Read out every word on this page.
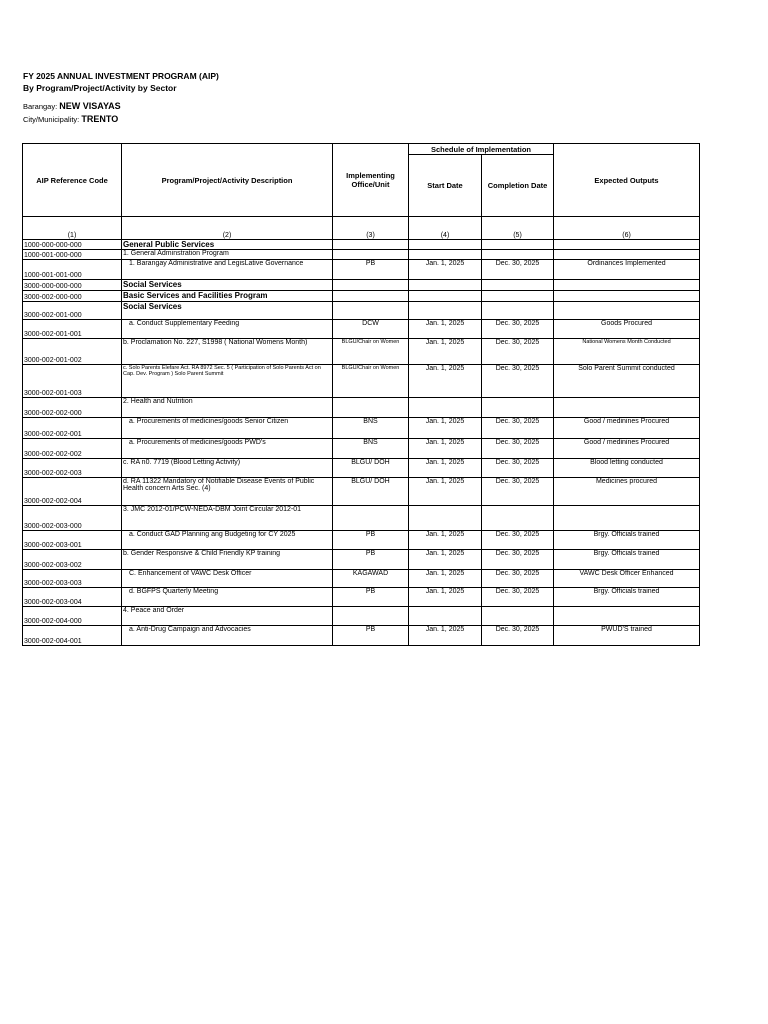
FY 2025 ANNUAL INVESTMENT PROGRAM (AIP)
By Program/Project/Activity by Sector
Barangay: NEW VISAYAS
City/Municipality: TRENTO
AIP Reference Code	Program/Project/Activity Description	Implementing Office/Unit	Schedule of Implementation		Expected Outputs
			Start Date	Completion Date	
(1)	(2)	(3)	(4)	(5)	(6)
1000-000-000-000	General Public Services				
1000-001-000-000	1. General Adminstration Program				
1000-001-001-000	1. Barangay Administrative and LegisLative Governance	PB	Jan. 1, 2025	Dec. 30, 2025	Ordinances Implemented
3000-000-000-000	Social Services				
3000-002-000-000	Basic Services and Facilities Program				
3000-002-001-000	Social Services				
3000-002-001-001	a. Conduct Supplementary Feeding	DCW	Jan. 1, 2025	Dec. 30, 2025	Goods Procured
3000-002-001-002	b. Proclamation No. 227, S1998 ( National Womens Month)	BLGU/Chair on Women	Jan. 1, 2025	Dec. 30, 2025	National Womens Month Conducted
3000-002-001-003	c. Solo Parents Elefare Act. RA 8972 Sec. 5 ( Participation of Solo Parents Act on Cap. Dev. Program ) Solo Parent Summit	BLGU/Chair on Women	Jan. 1, 2025	Dec. 30, 2025	Solo Parent Summit conducted
3000-002-002-000	2. Health and Nutrition				
3000-002-002-001	a. Procurements of medicines/goods Senior Citizen	BNS	Jan. 1, 2025	Dec. 30, 2025	Good / medinines Procured
3000-002-002-002	a. Procurements of medicines/goods PWD's	BNS	Jan. 1, 2025	Dec. 30, 2025	Good / medinines Procured
3000-002-002-003	c. RA n0. 7719 (Blood Letting Activity)	BLGU/ DOH	Jan. 1, 2025	Dec. 30, 2025	Blood letting conducted
3000-002-002-004	d. RA 11322 Mandatory of Notifiable Disease Events of Public Health concern Arts Sec. (4)	BLGU/ DOH	Jan. 1, 2025	Dec. 30, 2025	Medicines procured
3000-002-003-000	3. JMC 2012-01/PCW-NEDA-DBM Joint Circular 2012-01				
3000-002-003-001	a. Conduct GAD Planning ang Budgeting for CY 2025	PB	Jan. 1, 2025	Dec. 30, 2025	Brgy. Officials trained
3000-002-003-002	b. Gender Responsive & Child Friendly KP training	PB	Jan. 1, 2025	Dec. 30, 2025	Brgy. Officials trained
3000-002-003-003	C. Enhancement of VAWC Desk Officer	KAGAWAD	Jan. 1, 2025	Dec. 30, 2025	VAWC Desk Officer Enhanced
3000-002-003-004	d. BGFPS Quarterly Meeting	PB	Jan. 1, 2025	Dec. 30, 2025	Brgy. Officials trained
3000-002-004-000	4. Peace and Order				
3000-002-004-001	a. Anti-Drug Campaign and Advocacies	PB	Jan. 1, 2025	Dec. 30, 2025	PWUD'S trained
